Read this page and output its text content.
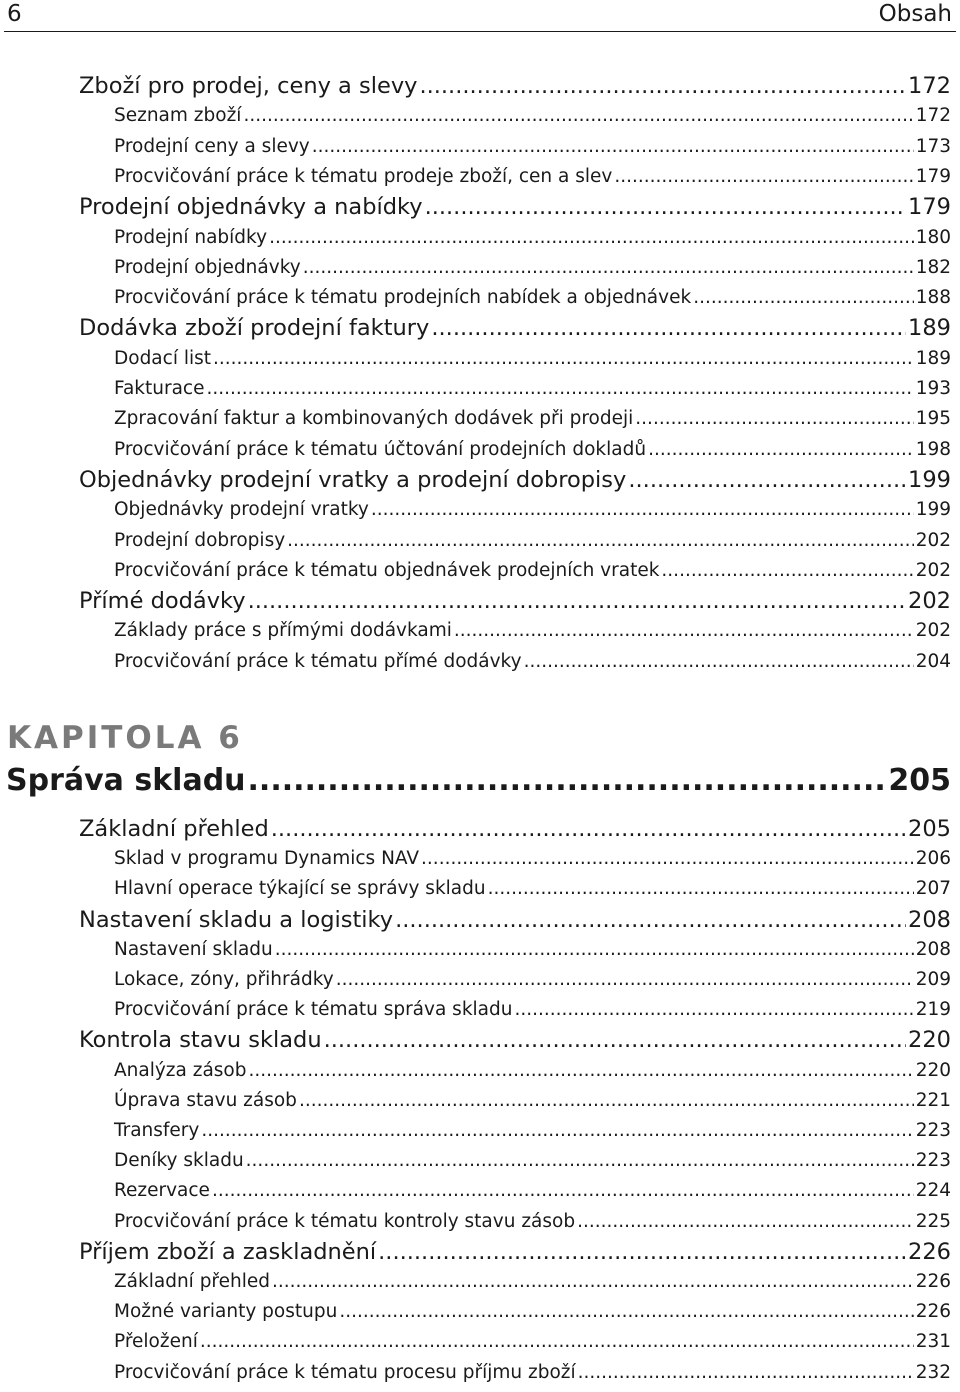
6	Obsah
Zboží pro prodej, ceny a slevy .....	172
Seznam zboží .....	172
Prodejní ceny a slevy .....	173
Procvičování práce k tématu prodeje zboží, cen a slev .....	179
Prodejní objednávky a nabídky .....	179
Prodejní nabídky .....	180
Prodejní objednávky .....	182
Procvičování práce k tématu prodejních nabídek a objednávek .....	188
Dodávka zboží prodejní faktury .....	189
Dodací list .....	189
Fakturace .....	193
Zpracování faktur a kombinovaných dodávek při prodeji .....	195
Procvičování práce k tématu účtování prodejních dokladů .....	198
Objednávky prodejní vratky a prodejní dobropisy .....	199
Objednávky prodejní vratky .....	199
Prodejní dobropisy .....	202
Procvičování práce k tématu objednávek prodejních vratek .....	202
Přímé dodávky .....	202
Základy práce s přímými dodávkami .....	202
Procvičování práce k tématu přímé dodávky .....	204
KAPITOLA 6
Správa skladu .....	205
Základní přehled .....	205
Sklad v programu Dynamics NAV .....	206
Hlavní operace týkající se správy skladu .....	207
Nastavení skladu a logistiky .....	208
Nastavení skladu .....	208
Lokace, zóny, přihrádky .....	209
Procvičování práce k tématu správa skladu .....	219
Kontrola stavu skladu .....	220
Analýza zásob .....	220
Úprava stavu zásob .....	221
Transfery .....	223
Deníky skladu .....	223
Rezervace .....	224
Procvičování práce k tématu kontroly stavu zásob .....	225
Příjem zboží a zaskladnění .....	226
Základní přehled .....	226
Možné varianty postupu .....	226
Přeložení .....	231
Procvičování práce k tématu procesu příjmu zboží .....	232
